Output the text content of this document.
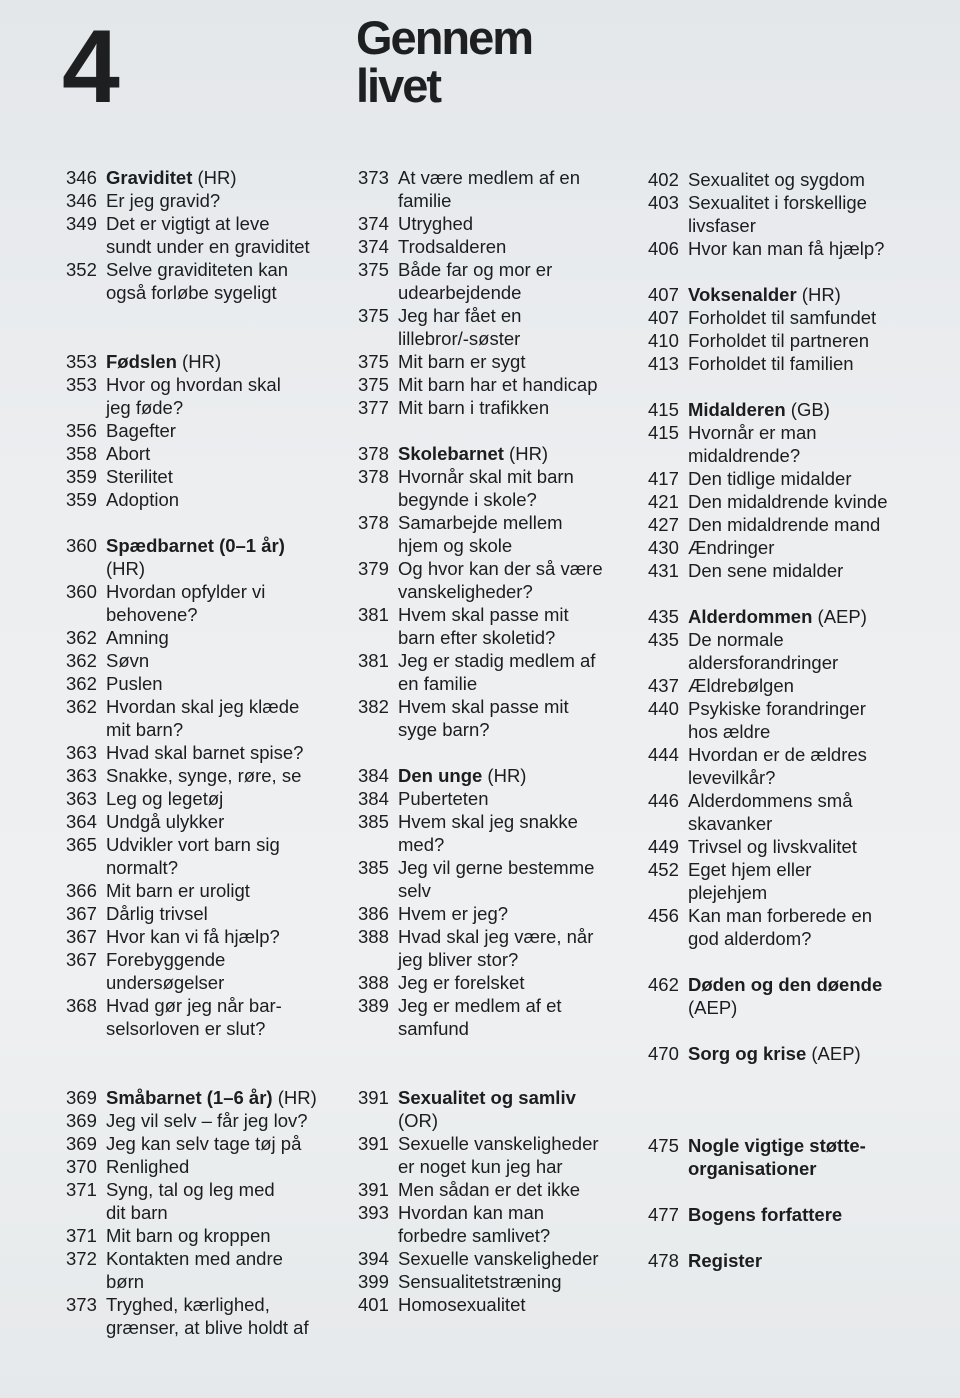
4	Gennem
livet
346 Graviditet (HR)
346 Er jeg gravid?
349 Det er vigtigt at leve
sundt under en graviditet
352 Selve graviditeten kan
også forløbe sygeligt
353 Fødslen (HR)
353 Hvor og hvordan skal
jeg føde?
356 Bagefter
358 Abort
359 Sterilitet
359 Adoption
360 Spædbarnet (0–1 år)
(HR)
360 Hvordan opfylder vi
behovene?
362 Amning
362 Søvn
362 Puslen
362 Hvordan skal jeg klæde
mit barn?
363 Hvad skal barnet spise?
363 Snakke, synge, røre, se
363 Leg og legetøj
364 Undgå ulykker
365 Udvikler vort barn sig
normalt?
366 Mit barn er uroligt
367 Dårlig trivsel
367 Hvor kan vi få hjælp?
367 Forebyggende
undersøgelser
368 Hvad gør jeg når bar-
selsorloven er slut?
369 Småbarnet (1–6 år) (HR)
369 Jeg vil selv – får jeg lov?
369 Jeg kan selv tage tøj på
370 Renlighed
371 Syng, tal og leg med
dit barn
371 Mit barn og kroppen
372 Kontakten med andre
børn
373 Tryghed, kærlighed,
grænser, at blive holdt af
373 At være medlem af en
familie
374 Utryghed
374 Trodsalderen
375 Både far og mor er
udearbejdende
375 Jeg har fået en
lillebror/-søster
375 Mit barn er sygt
375 Mit barn har et handicap
377 Mit barn i trafikken
378 Skolebarnet (HR)
378 Hvornår skal mit barn
begynde i skole?
378 Samarbejde mellem
hjem og skole
379 Og hvor kan der så være
vanskeligheder?
381 Hvem skal passe mit
barn efter skoletid?
381 Jeg er stadig medlem af
en familie
382 Hvem skal passe mit
syge barn?
384 Den unge (HR)
384 Puberteten
385 Hvem skal jeg snakke
med?
385 Jeg vil gerne bestemme
selv
386 Hvem er jeg?
388 Hvad skal jeg være, når
jeg bliver stor?
388 Jeg er forelsket
389 Jeg er medlem af et
samfund
391 Sexualitet og samliv
(OR)
391 Sexuelle vanskeligheder
er noget kun jeg har
391 Men sådan er det ikke
393 Hvordan kan man
forbedre samlivet?
394 Sexuelle vanskeligheder
399 Sensualitetstræning
401 Homosexualitet
402 Sexualitet og sygdom
403 Sexualitet i forskellige
livsfaser
406 Hvor kan man få hjælp?
407 Voksenalder (HR)
407 Forholdet til samfundet
410 Forholdet til partneren
413 Forholdet til familien
415 Midalderen (GB)
415 Hvornår er man
midaldrende?
417 Den tidlige midalder
421 Den midaldrende kvinde
427 Den midaldrende mand
430 Ændringer
431 Den sene midalder
435 Alderdommen (AEP)
435 De normale
aldersforandringer
437 Ældrebølgen
440 Psykiske forandringer
hos ældre
444 Hvordan er de ældres
levevilkår?
446 Alderdommens små
skavanker
449 Trivsel og livskvalitet
452 Eget hjem eller
plejehjem
456 Kan man forberede en
god alderdom?
462 Døden og den døende
(AEP)
470 Sorg og krise (AEP)
475 Nogle vigtige støtte-
organisationer
477 Bogens forfattere
478 Register
